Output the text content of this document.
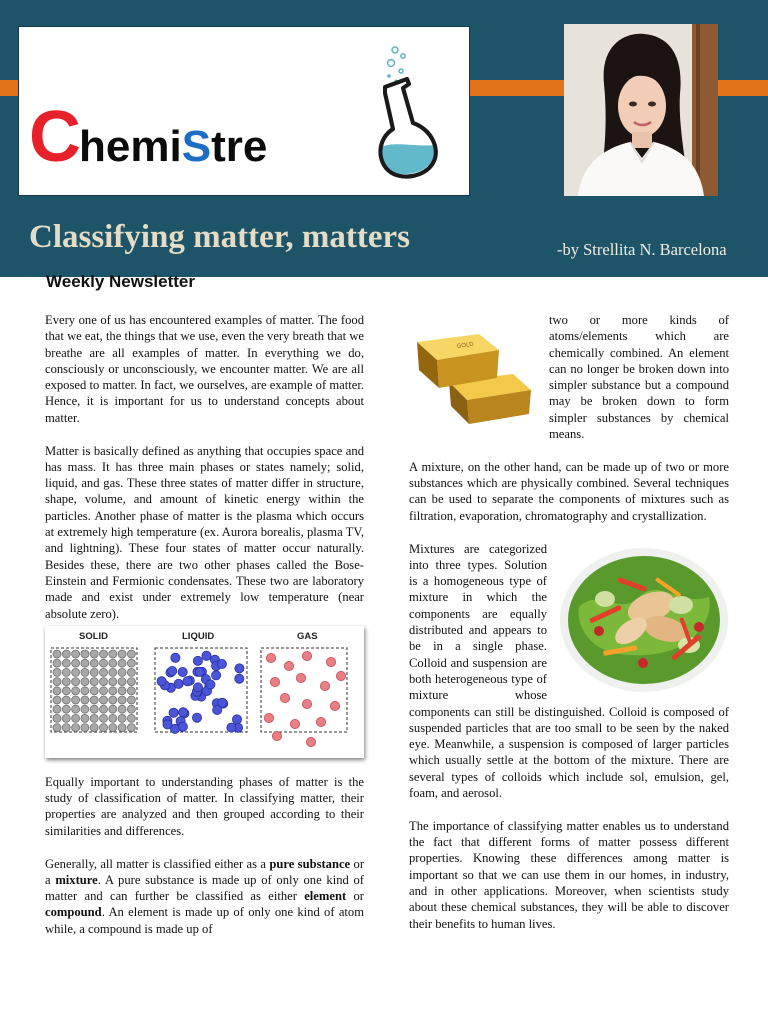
ChemiStre
Classifying matter, matters	-by Strellita N. Barcelona
Weekly Newsletter

Every one of us has encountered examples of matter. The food that we eat, the things that we use, even the very breath that we breathe are all examples of matter. In everything we do, consciously or unconsciously, we encounter matter. We are all exposed to matter. In fact, we ourselves, are example of matter. Hence, it is important for us to understand concepts about matter.

Matter is basically defined as anything that occupies space and has mass. It has three main phases or states namely; solid, liquid, and gas. These three states of matter differ in structure, shape, volume, and amount of kinetic energy within the particles. Another phase of matter is the plasma which occurs at extremely high temperature (ex. Aurora borealis, plasma TV, and lightning). These four states of matter occur naturally. Besides these, there are two other phases called the Bose-Einstein and Fermionic condensates. These two are laboratory made and exist under extremely low temperature (near absolute zero).

SOLID	LIQUID	GAS

Equally important to understanding phases of matter is the study of classification of matter. In classifying matter, their properties are analyzed and then grouped according to their similarities and differences.

Generally, all matter is classified either as a pure substance or a mixture. A pure substance is made up of only one kind of matter and can further be classified as either element or compound. An element is made up of only one kind of atom while, a compound is made up of

GOLD

two or more kinds of atoms/elements which are chemically combined. An element can no longer be broken down into simpler substance but a compound may be broken down to form simpler substances by chemical means.

A mixture, on the other hand, can be made up of two or more substances which are physically combined. Several techniques can be used to separate the components of mixtures such as filtration, evaporation, chromatography and crystallization.

Mixtures are categorized into three types. Solution is a homogeneous type of mixture in which the components are equally distributed and appears to be in a single phase. Colloid and suspension are both heterogeneous type of mixture whose components can still be distinguished. Colloid is composed of suspended particles that are too small to be seen by the naked eye. Meanwhile, a suspension is composed of larger particles which usually settle at the bottom of the mixture. There are several types of colloids which include sol, emulsion, gel, foam, and aerosol.

The importance of classifying matter enables us to understand the fact that different forms of matter possess different properties. Knowing these differences among matter is important so that we can use them in our homes, in industry, and in other applications. Moreover, when scientists study about these chemical substances, they will be able to discover their benefits to human lives.
